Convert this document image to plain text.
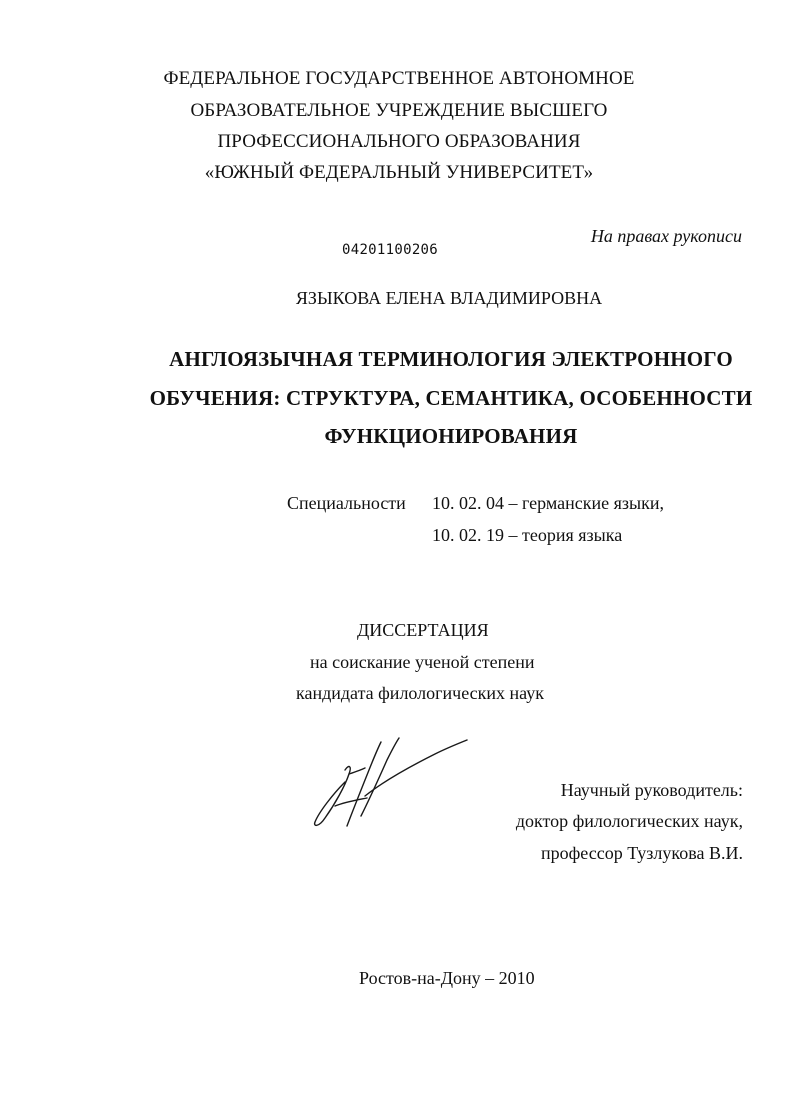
ФЕДЕРАЛЬНОЕ ГОСУДАРСТВЕННОЕ АВТОНОМНОЕ
ОБРАЗОВАТЕЛЬНОЕ УЧРЕЖДЕНИЕ ВЫСШЕГО
ПРОФЕССИОНАЛЬНОГО ОБРАЗОВАНИЯ
«ЮЖНЫЙ ФЕДЕРАЛЬНЫЙ УНИВЕРСИТЕТ»
На правах рукописи
04201100206
ЯЗЫКОВА ЕЛЕНА ВЛАДИМИРОВНА
АНГЛОЯЗЫЧНАЯ ТЕРМИНОЛОГИЯ ЭЛЕКТРОННОГО
ОБУЧЕНИЯ: СТРУКТУРА, СЕМАНТИКА, ОСОБЕННОСТИ
ФУНКЦИОНИРОВАНИЯ
Специальности 10. 02. 04 – германские языки,
10. 02. 19 – теория языка
ДИССЕРТАЦИЯ
на соискание ученой степени
кандидата филологических наук
Научный руководитель:
доктор филологических наук,
профессор Тузлукова В.И.
Ростов-на-Дону – 2010
